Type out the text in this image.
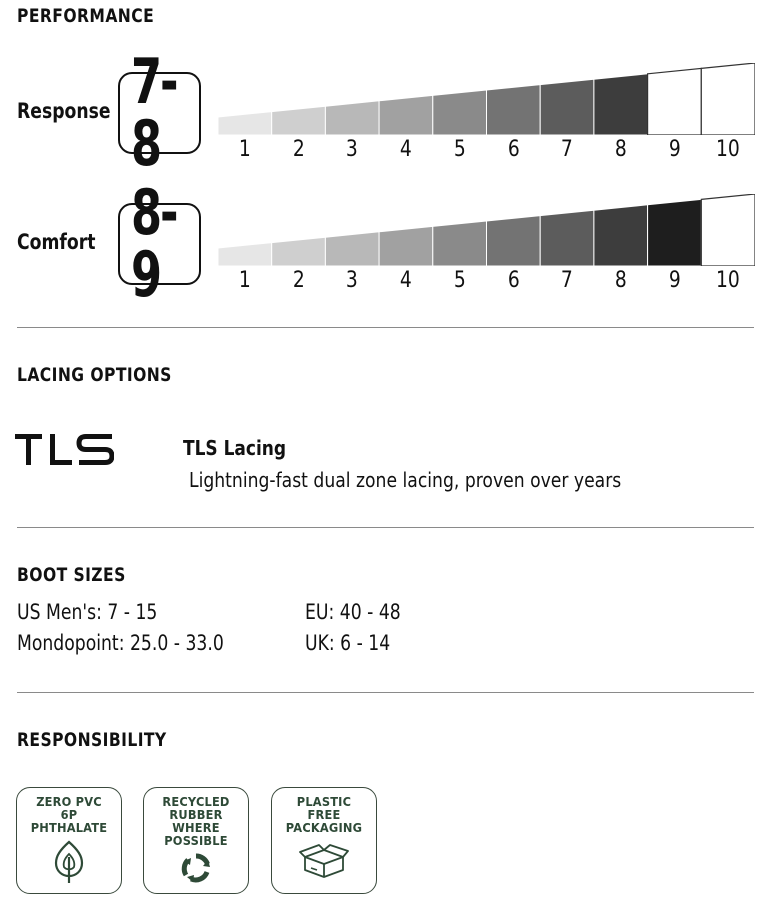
PERFORMANCE
Response 7-8	1	2	3	4	5	6	7	8	9	10
Comfort 8-9	1	2	3	4	5	6	7	8	9	10
LACING OPTIONS
TLS Lacing
Lightning-fast dual zone lacing, proven over years
BOOT SIZES
US Men's: 7 - 15	EU: 40 - 48
Mondopoint: 25.0 - 33.0	UK: 6 - 14
RESPONSIBILITY
ZERO PVC
6P
PHTHALATE
RECYCLED
RUBBER
WHERE
POSSIBLE
PLASTIC
FREE
PACKAGING
